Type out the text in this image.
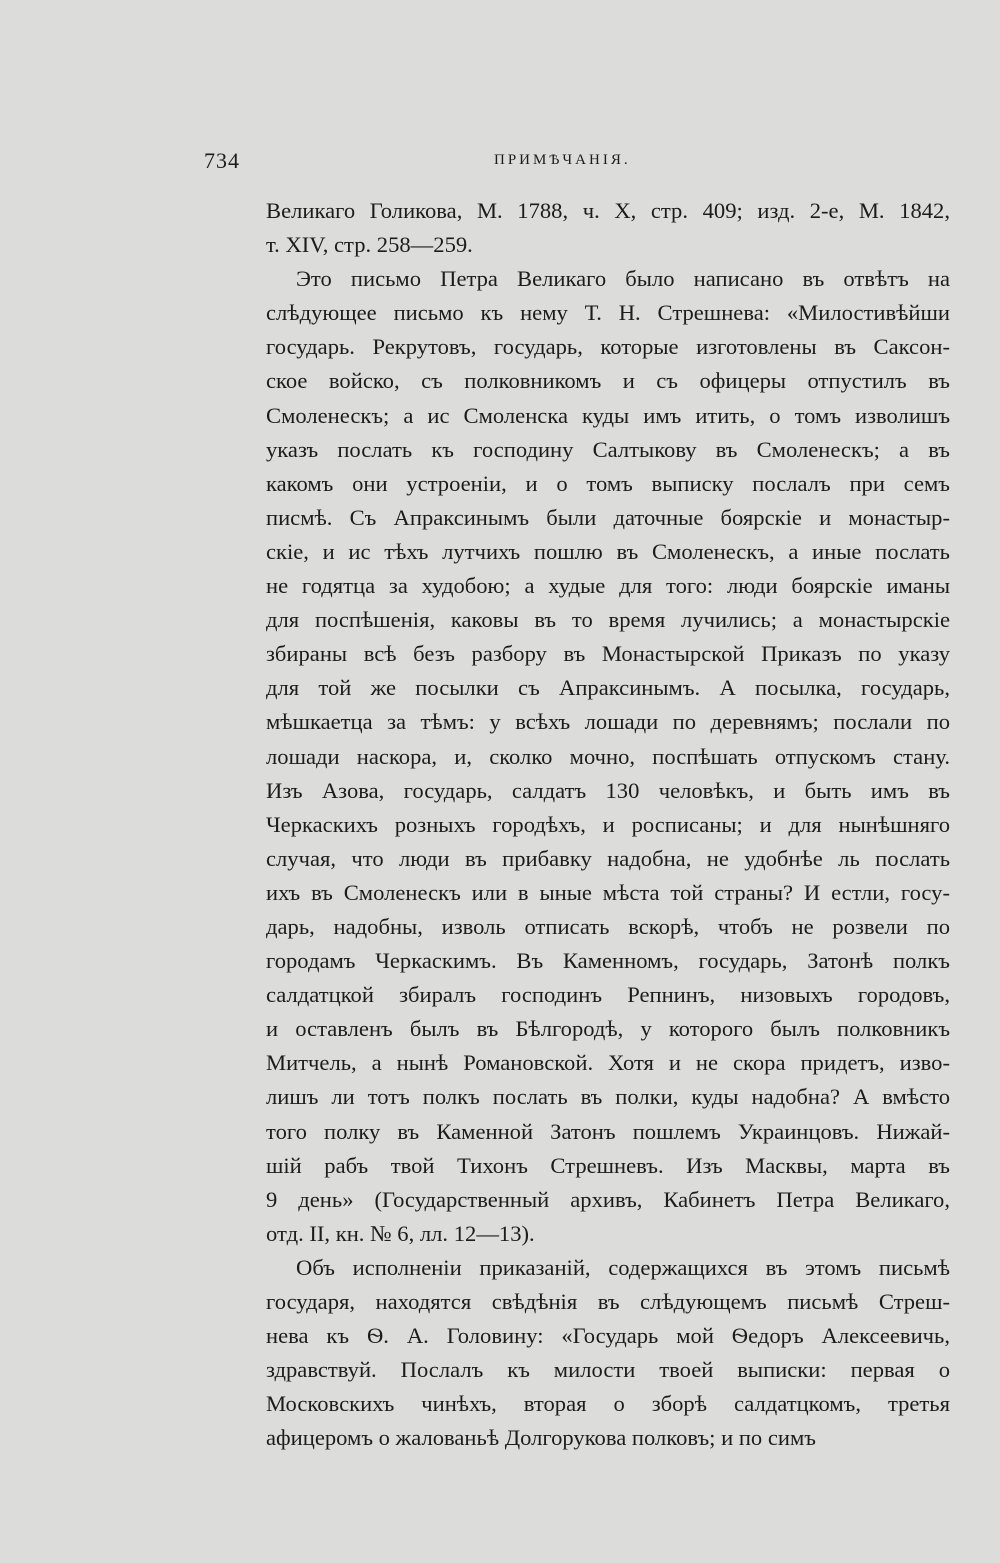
734	ПРИМѢЧАНІЯ.
Великаго Голикова, М. 1788, ч. X, стр. 409; изд. 2-е, М. 1842,
т. XIV, стр. 258—259.
Это письмо Петра Великаго было написано въ отвѣтъ на
слѣдующее письмо къ нему Т. Н. Стрешнева: «Милостивѣйши
государь. Рекрутовъ, государь, которые изготовлены въ Саксон-
ское войско, съ полковникомъ и съ офицеры отпустилъ въ
Смоленескъ; а ис Смоленска куды имъ итить, о томъ изволишъ
указъ послать къ господину Салтыкову въ Смоленескъ; а въ
какомъ они устроеніи, и о томъ выписку послалъ при семъ
писмѣ. Съ Апраксинымъ были даточные боярскіе и монастыр-
скіе, и ис тѣхъ лутчихъ пошлю въ Смоленескъ, а иные послать
не годятца за худобою; а худые для того: люди боярскіе иманы
для поспѣшенія, каковы въ то время лучились; а монастырскіе
збираны всѣ безъ разбору въ Монастырской Приказъ по указу
для той же посылки съ Апраксинымъ. А посылка, государь,
мѣшкаетца за тѣмъ: у всѣхъ лошади по деревнямъ; послали по
лошади наскора, и, сколко мочно, поспѣшать отпускомъ стану.
Изъ Азова, государь, салдатъ 130 человѣкъ, и быть имъ въ
Черкаскихъ розныхъ городѣхъ, и росписаны; и для нынѣшняго
случая, что люди въ прибавку надобна, не удобнѣе ль послать
ихъ въ Смоленескъ или в ыные мѣста той страны? И естли, госу-
дарь, надобны, изволь отписать вскорѣ, чтобъ не розвели по
городамъ Черкаскимъ. Въ Каменномъ, государь, Затонѣ полкъ
салдатцкой збиралъ господинъ Репнинъ, низовыхъ городовъ,
и оставленъ былъ въ Бѣлгородѣ, у которого былъ полковникъ
Митчель, а нынѣ Романовской. Хотя и не скора придетъ, изво-
лишъ ли тотъ полкъ послать въ полки, куды надобна? А вмѣсто
того полку въ Каменной Затонъ пошлемъ Украинцовъ. Нижай-
шій рабъ твой Тихонъ Стрешневъ. Изъ Масквы, марта въ
9 день» (Государственный архивъ, Кабинетъ Петра Великаго,
отд. II, кн. № 6, лл. 12—13).
Объ исполненіи приказаній, содержащихся въ этомъ письмѣ
государя, находятся свѣдѣнія въ слѣдующемъ письмѣ Стреш-
нева къ Ѳ. А. Головину: «Государь мой Ѳедоръ Алексеевичь,
здравствуй. Послалъ къ милости твоей выписки: первая о
Московскихъ чинѣхъ, вторая о зборѣ салдатцкомъ, третья
афицеромъ о жалованьѣ Долгорукова полковъ; и по симъ
